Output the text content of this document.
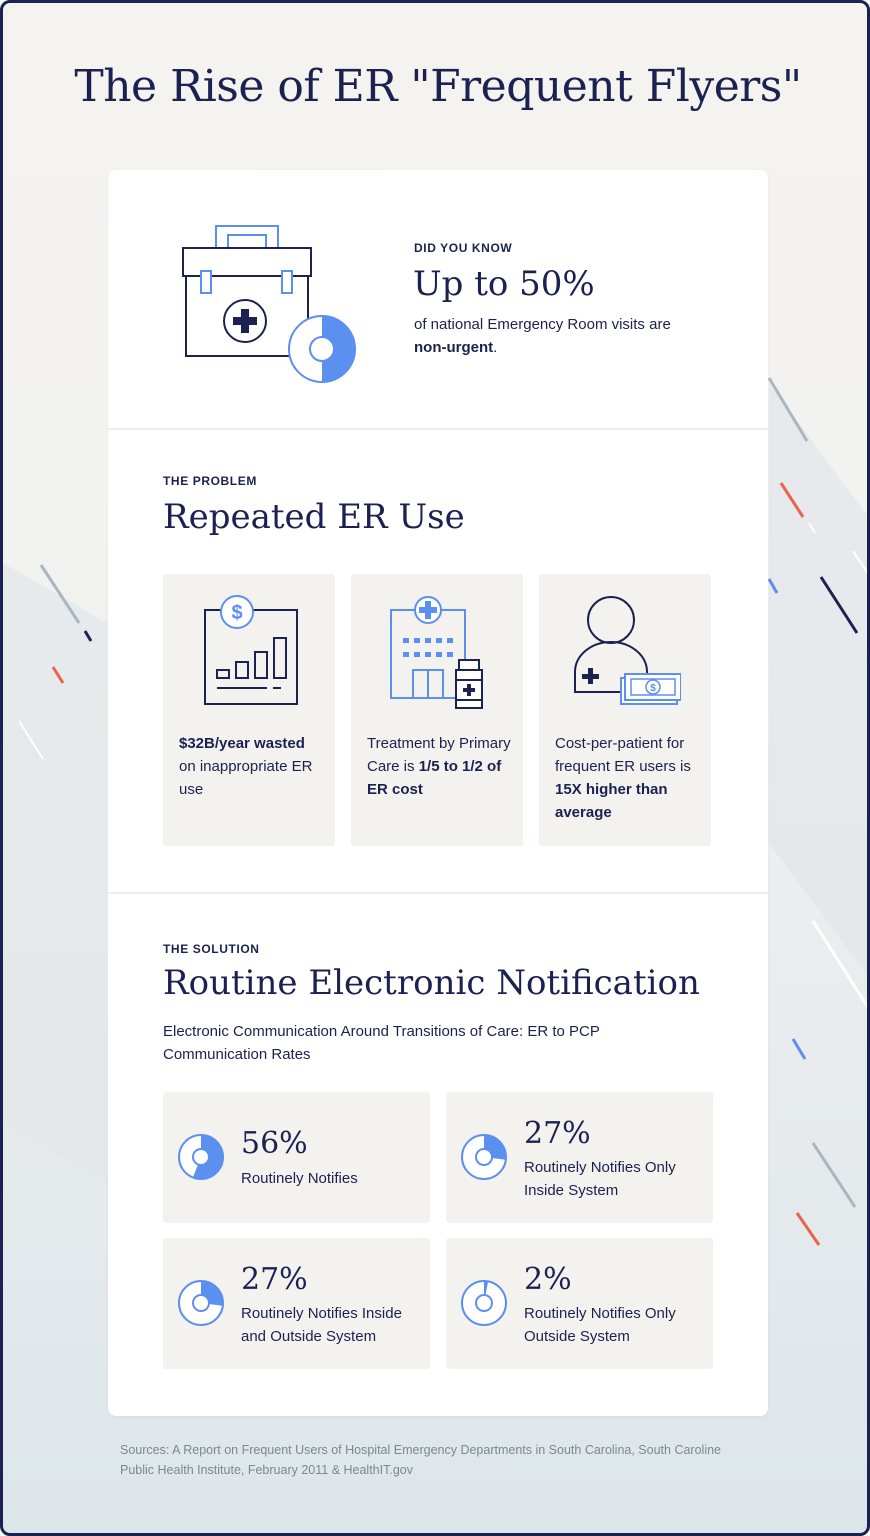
The Rise of ER "Frequent Flyers"
DID YOU KNOW
Up to 50%
of national Emergency Room visits are
non-urgent.
THE PROBLEM
Repeated ER Use
$
$32B/year wasted on inappropriate ER use
Treatment by Primary Care is 1/5 to 1/2 of ER cost
$
Cost-per-patient for frequent ER users is 15X higher than average
THE SOLUTION
Routine Electronic Notification
Electronic Communication Around Transitions of Care: ER to PCP Communication Rates
56%
Routinely Notifies
27%
Routinely Notifies Only Inside System
27%
Routinely Notifies Inside and Outside System
2%
Routinely Notifies Only Outside System
Sources: A Report on Frequent Users of Hospital Emergency Departments in South Carolina, South Caroline Public Health Institute, February 2011 & HealthIT.gov
